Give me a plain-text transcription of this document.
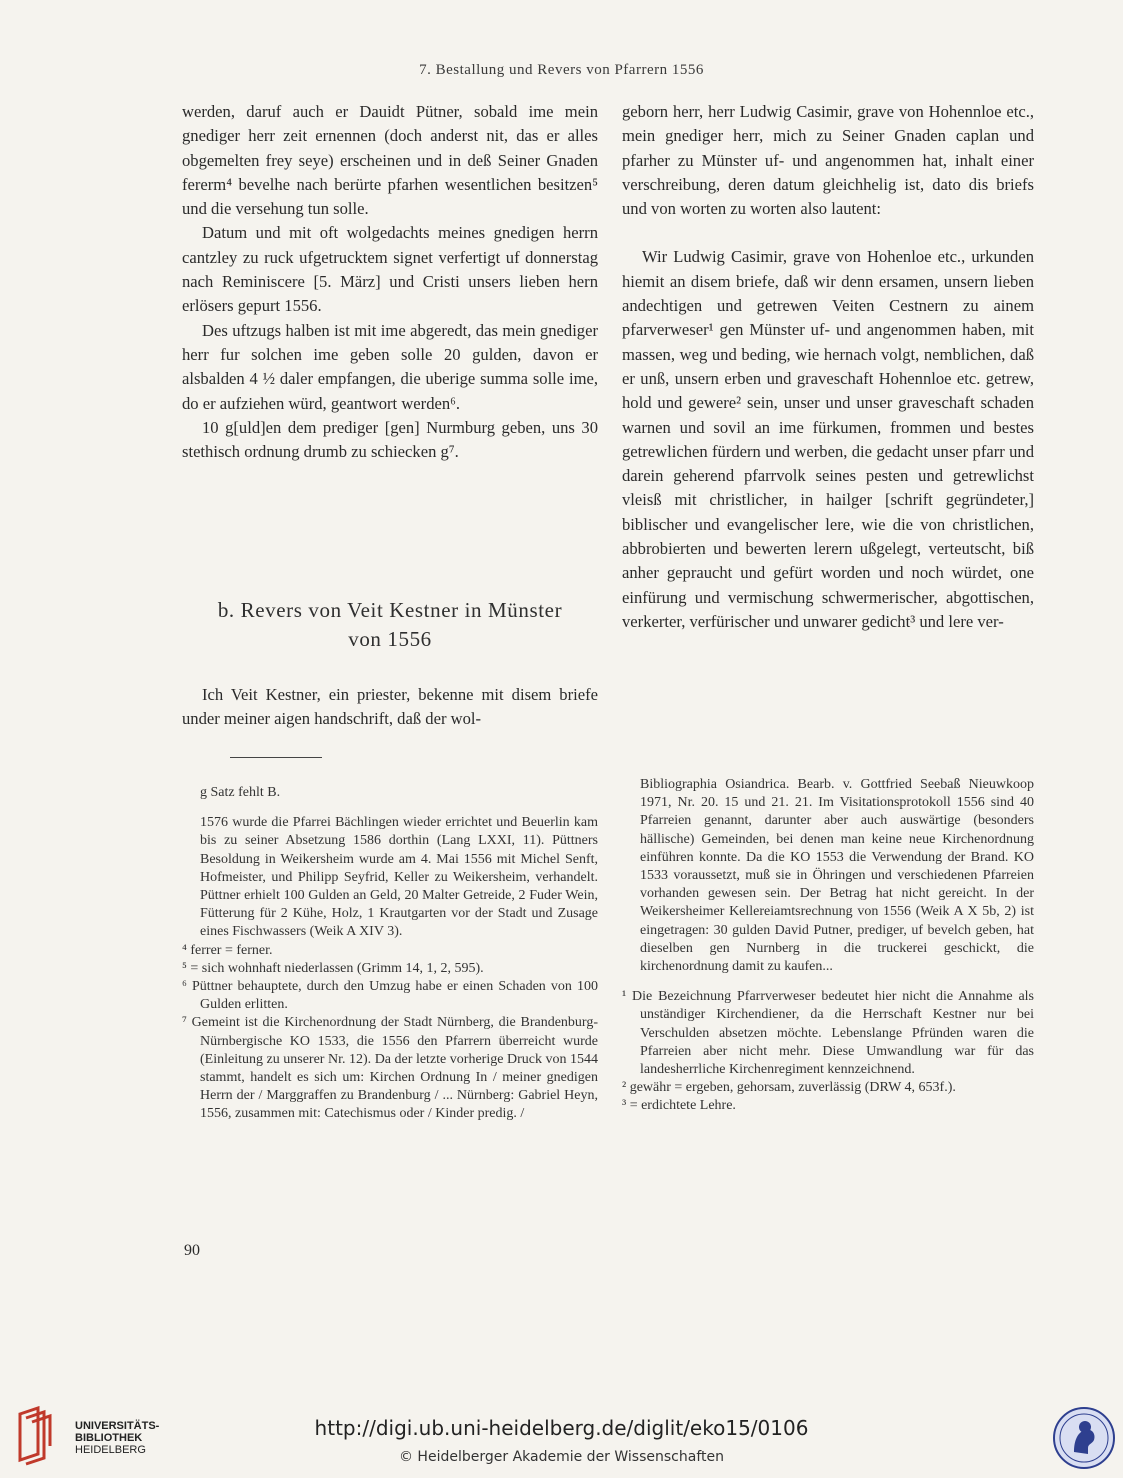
7. Bestallung und Revers von Pfarrern 1556

werden, daruf auch er Dauidt Pütner, sobald ime mein gnediger herr zeit ernennen (doch anderst nit, das er alles obgemelten frey seye) erscheinen und in deß Seiner Gnaden fererm⁴ bevelhe nach berürte pfarhen wesentlichen besitzen⁵ und die versehung tun solle.

Datum und mit oft wolgedachts meines gnedigen herrn cantzley zu ruck ufgetrucktem signet verfertigt uf donnerstag nach Reminiscere [5. März] und Cristi unsers lieben hern erlösers gepurt 1556.

Des uftzugs halben ist mit ime abgeredt, das mein gnediger herr fur solchen ime geben solle 20 gulden, davon er alsbalden 4 ½ daler empfangen, die uberige summa solle ime, do er aufziehen würd, geantwort werden⁶.

10 g[uld]en dem prediger [gen] Nurmburg geben, uns 30 stethisch ordnung drumb zu schiecken g⁷.

b. Revers von Veit Kestner in Münster
von 1556

Ich Veit Kestner, ein priester, bekenne mit disem briefe under meiner aigen handschrift, daß der wol-

geborn herr, herr Ludwig Casimir, grave von Hohennloe etc., mein gnediger herr, mich zu Seiner Gnaden caplan und pfarher zu Münster uf- und angenommen hat, inhalt einer verschreibung, deren datum gleichhelig ist, dato dis briefs und von worten zu worten also lautent:

Wir Ludwig Casimir, grave von Hohenloe etc., urkunden hiemit an disem briefe, daß wir denn ersamen, unsern lieben andechtigen und getrewen Veiten Cestnern zu ainem pfarverweser¹ gen Münster uf- und angenommen haben, mit massen, weg und beding, wie hernach volgt, nemblichen, daß er unß, unsern erben und graveschaft Hohennloe etc. getrew, hold und gewere² sein, unser und unser graveschaft schaden warnen und sovil an ime fürkumen, frommen und bestes getrewlichen fürdern und werben, die gedacht unser pfarr und darein geherend pfarrvolk seines pesten und getrewlichst vleisß mit christlicher, in hailger [schrift gegründeter,] biblischer und evangelischer lere, wie die von christlichen, abbrobierten und bewerten lerern ußgelegt, verteutscht, biß anher gepraucht und gefürt worden und noch würdet, one einfürung und vermischung schwermerischer, abgottischen, verkerter, verfürischer und unwarer gedicht³ und lere ver-

g Satz fehlt B.

1576 wurde die Pfarrei Bächlingen wieder errichtet und Beuerlin kam bis zu seiner Absetzung 1586 dorthin (Lang LXXI, 11). Püttners Besoldung in Weikersheim wurde am 4. Mai 1556 mit Michel Senft, Hofmeister, und Philipp Seyfrid, Keller zu Weikersheim, verhandelt. Püttner erhielt 100 Gulden an Geld, 20 Malter Getreide, 2 Fuder Wein, Fütterung für 2 Kühe, Holz, 1 Krautgarten vor der Stadt und Zusage eines Fischwassers (Weik A XIV 3).

⁴ ferrer = ferner.

⁵ = sich wohnhaft niederlassen (Grimm 14, 1, 2, 595).

⁶ Püttner behauptete, durch den Umzug habe er einen Schaden von 100 Gulden erlitten.

⁷ Gemeint ist die Kirchenordnung der Stadt Nürnberg, die Brandenburg-Nürnbergische KO 1533, die 1556 den Pfarrern überreicht wurde (Einleitung zu unserer Nr. 12). Da der letzte vorherige Druck von 1544 stammt, handelt es sich um: Kirchen Ordnung In / meiner gnedigen Herrn der / Marggraffen zu Brandenburg / ... Nürnberg: Gabriel Heyn, 1556, zusammen mit: Catechismus oder / Kinder predig. /

Bibliographia Osiandrica. Bearb. v. Gottfried Seebaß Nieuwkoop 1971, Nr. 20. 15 und 21. 21. Im Visitationsprotokoll 1556 sind 40 Pfarreien genannt, darunter aber auch auswärtige (besonders hällische) Gemeinden, bei denen man keine neue Kirchenordnung einführen konnte. Da die KO 1553 die Verwendung der Brand. KO 1533 voraussetzt, muß sie in Öhringen und verschiedenen Pfarreien vorhanden gewesen sein. Der Betrag hat nicht gereicht. In der Weikersheimer Kellereiamtsrechnung von 1556 (Weik A X 5b, 2) ist eingetragen: 30 gulden David Putner, prediger, uf bevelch geben, hat dieselben gen Nurnberg in die truckerei geschickt, die kirchenordnung damit zu kaufen...

¹ Die Bezeichnung Pfarrverweser bedeutet hier nicht die Annahme als unständiger Kirchendiener, da die Herrschaft Kestner nur bei Verschulden absetzen möchte. Lebenslange Pfründen waren die Pfarreien aber nicht mehr. Diese Umwandlung war für das landesherrliche Kirchenregiment kennzeichnend.

² gewähr = ergeben, gehorsam, zuverlässig (DRW 4, 653f.).

³ = erdichtete Lehre.

90
UNIVERSITÄTS-
BIBLIOTHEK
HEIDELBERG
http://digi.ub.uni-heidelberg.de/diglit/eko15/0106
© Heidelberger Akademie der Wissenschaften
